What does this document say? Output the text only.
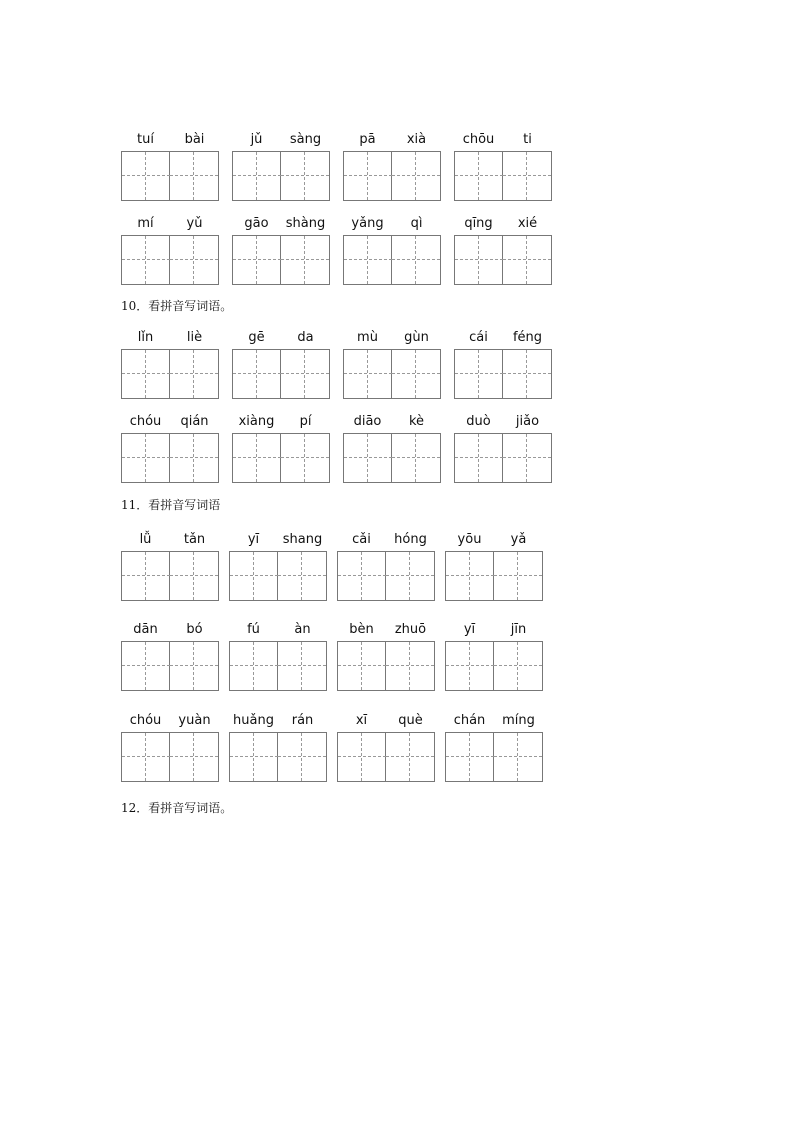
tuí	bài	jǔ	sàng	pā	xià	chōu	ti
mí	yǔ	gāo	shàng	yǎng	qì	qīng	xié
10．看拼音写词语。
lǐn	liè	gē	da	mù	gùn	cái	féng
chóu	qián	xiàng	pí	diāo	kè	duò	jiǎo
11．看拼音写词语
lǚ	tǎn	yī	shang	cǎi	hóng	yōu	yǎ
dān	bó	fú	àn	bèn	zhuō	yī	jīn
chóu	yuàn	huǎng	rán	xī	què	chán	míng
12．看拼音写词语。
